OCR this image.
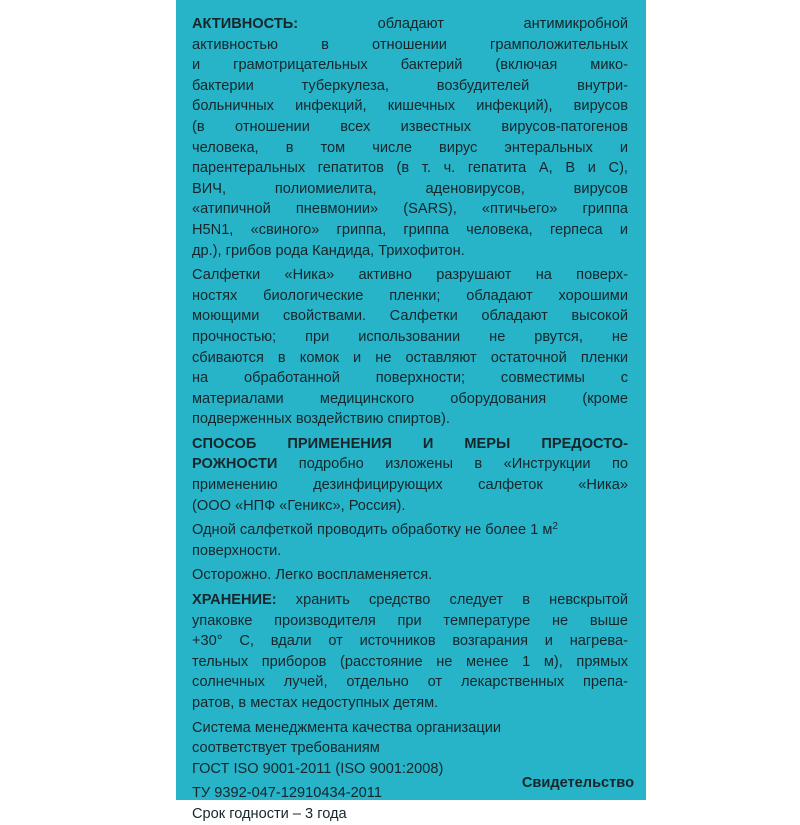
АКТИВНОСТЬ: обладают антимикробной
активностью в отношении грамположительных
и грамотрицательных бактерий (включая мико-
бактерии туберкулеза, возбудителей внутри-
больничных инфекций, кишечных инфекций), вирусов
(в отношении всех известных вирусов-патогенов
человека, в том числе вирус энтеральных и
парентеральных гепатитов (в т. ч. гепатита А, В и С),
ВИЧ, полиомиелита, аденовирусов, вирусов
«атипичной пневмонии» (SARS), «птичьего» гриппа
H5N1, «свиного» гриппа, гриппа человека, герпеса и
др.), грибов рода Кандида, Трихофитон.
Салфетки «Ника» активно разрушают на поверх-
ностях биологические пленки; обладают хорошими
моющими свойствами. Салфетки обладают высокой
прочностью; при использовании не рвутся, не
сбиваются в комок и не оставляют остаточной пленки
на обработанной поверхности; совместимы с
материалами медицинского оборудования (кроме
подверженных воздействию спиртов).
СПОСОБ ПРИМЕНЕНИЯ И МЕРЫ ПРЕДОСТО-
РОЖНОСТИ подробно изложены в «Инструкции по
применению дезинфицирующих салфеток «Ника»
(ООО «НПФ «Геникс», Россия).
Одной салфеткой проводить обработку не более 1 $м^2$
поверхности.
Осторожно. Легко воспламеняется.
ХРАНЕНИЕ: хранить средство следует в невскрытой
упаковке производителя при температуре не выше
+30° С, вдали от источников возгарания и нагрева-
тельных приборов (расстояние не менее 1 м), прямых
солнечных лучей, отдельно от лекарственных препа-
ратов, в местах недоступных детям.
Система менеджмента качества организации
соответствует требованиям
ГОСТ ISO 9001-2011 (ISO 9001:2008)
ТУ 9392-047-12910434-2011
Срок годности – 3 года
Свидетельство
